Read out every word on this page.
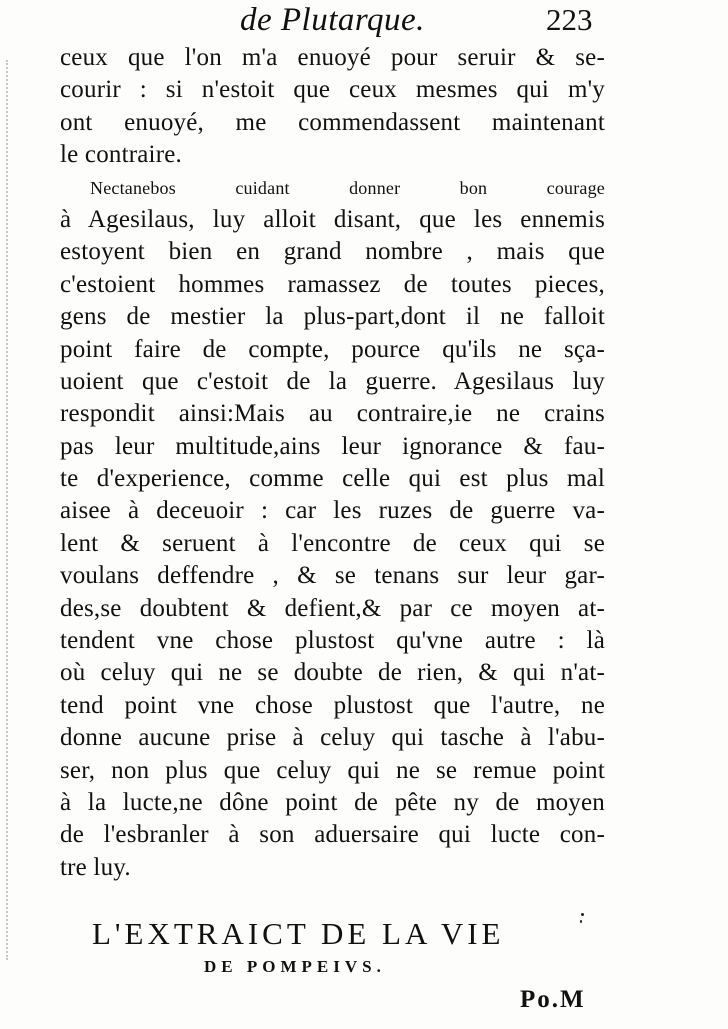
de Plutarque.	223
ceux que l'on m'a enuoyé pour seruir & se-
courir : si n'estoit que ceux mesmes qui m'y
ont enuoyé, me commendassent maintenant
le contraire.
Nectanebos cuidant donner bon courage
à Agesilaus, luy alloit disant, que les ennemis
estoyent bien en grand nombre , mais que
c'estoient hommes ramassez de toutes pieces,
gens de mestier la plus-part,dont il ne falloit
point faire de compte, pource qu'ils ne sça-
uoient que c'estoit de la guerre. Agesilaus luy
respondit ainsi:Mais au contraire,ie ne crains
pas leur multitude,ains leur ignorance & fau-
te d'experience, comme celle qui est plus mal
aisee à deceuoir : car les ruzes de guerre va-
lent & seruent à l'encontre de ceux qui se
voulans deffendre , & se tenans sur leur gar-
des,se doubtent & defient,& par ce moyen at-
tendent vne chose plustost qu'vne autre : là
où celuy qui ne se doubte de rien, & qui n'at-
tend point vne chose plustost que l'autre, ne
donne aucune prise à celuy qui tasche à l'abu-
ser, non plus que celuy qui ne se remue point
à la lucte,ne dône point de pête ny de moyen
de l'esbranler à son aduersaire qui lucte con-
tre luy.
L'EXTRAICT DE LA VIE
DE POMPEIVS.
Po.M
